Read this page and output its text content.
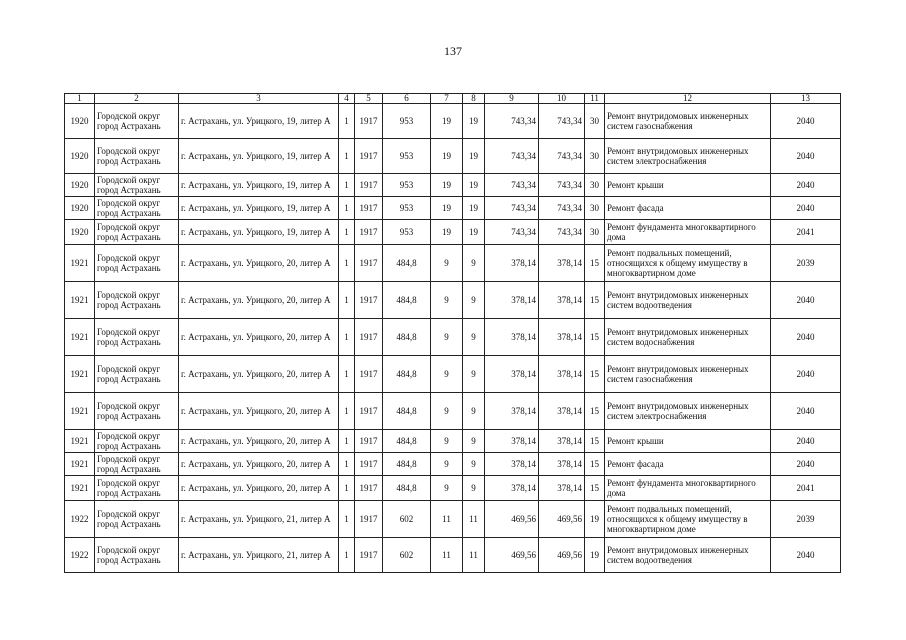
137
1	2	3	4	5	6	7	8	9	10	11	12	13
1920	Городской округ город Астрахань	г. Астрахань, ул. Урицкого, 19, литер А	1	1917	953	19	19	743,34	743,34	30	Ремонт внутридомовых инженерных систем газоснабжения	2040
1920	Городской округ город Астрахань	г. Астрахань, ул. Урицкого, 19, литер А	1	1917	953	19	19	743,34	743,34	30	Ремонт внутридомовых инженерных систем электроснабжения	2040
1920	Городской округ город Астрахань	г. Астрахань, ул. Урицкого, 19, литер А	1	1917	953	19	19	743,34	743,34	30	Ремонт крыши	2040
1920	Городской округ город Астрахань	г. Астрахань, ул. Урицкого, 19, литер А	1	1917	953	19	19	743,34	743,34	30	Ремонт фасада	2040
1920	Городской округ город Астрахань	г. Астрахань, ул. Урицкого, 19, литер А	1	1917	953	19	19	743,34	743,34	30	Ремонт фундамента многоквартирного дома	2041
1921	Городской округ город Астрахань	г. Астрахань, ул. Урицкого, 20, литер А	1	1917	484,8	9	9	378,14	378,14	15	Ремонт подвальных помещений, относящихся к общему имуществу в многоквартирном доме	2039
1921	Городской округ город Астрахань	г. Астрахань, ул. Урицкого, 20, литер А	1	1917	484,8	9	9	378,14	378,14	15	Ремонт внутридомовых инженерных систем водоотведения	2040
1921	Городской округ город Астрахань	г. Астрахань, ул. Урицкого, 20, литер А	1	1917	484,8	9	9	378,14	378,14	15	Ремонт внутридомовых инженерных систем водоснабжения	2040
1921	Городской округ город Астрахань	г. Астрахань, ул. Урицкого, 20, литер А	1	1917	484,8	9	9	378,14	378,14	15	Ремонт внутридомовых инженерных систем газоснабжения	2040
1921	Городской округ город Астрахань	г. Астрахань, ул. Урицкого, 20, литер А	1	1917	484,8	9	9	378,14	378,14	15	Ремонт внутридомовых инженерных систем электроснабжения	2040
1921	Городской округ город Астрахань	г. Астрахань, ул. Урицкого, 20, литер А	1	1917	484,8	9	9	378,14	378,14	15	Ремонт крыши	2040
1921	Городской округ город Астрахань	г. Астрахань, ул. Урицкого, 20, литер А	1	1917	484,8	9	9	378,14	378,14	15	Ремонт фасада	2040
1921	Городской округ город Астрахань	г. Астрахань, ул. Урицкого, 20, литер А	1	1917	484,8	9	9	378,14	378,14	15	Ремонт фундамента многоквартирного дома	2041
1922	Городской округ город Астрахань	г. Астрахань, ул. Урицкого, 21, литер А	1	1917	602	11	11	469,56	469,56	19	Ремонт подвальных помещений, относящихся к общему имуществу в многоквартирном доме	2039
1922	Городской округ город Астрахань	г. Астрахань, ул. Урицкого, 21, литер А	1	1917	602	11	11	469,56	469,56	19	Ремонт внутридомовых инженерных систем водоотведения	2040
